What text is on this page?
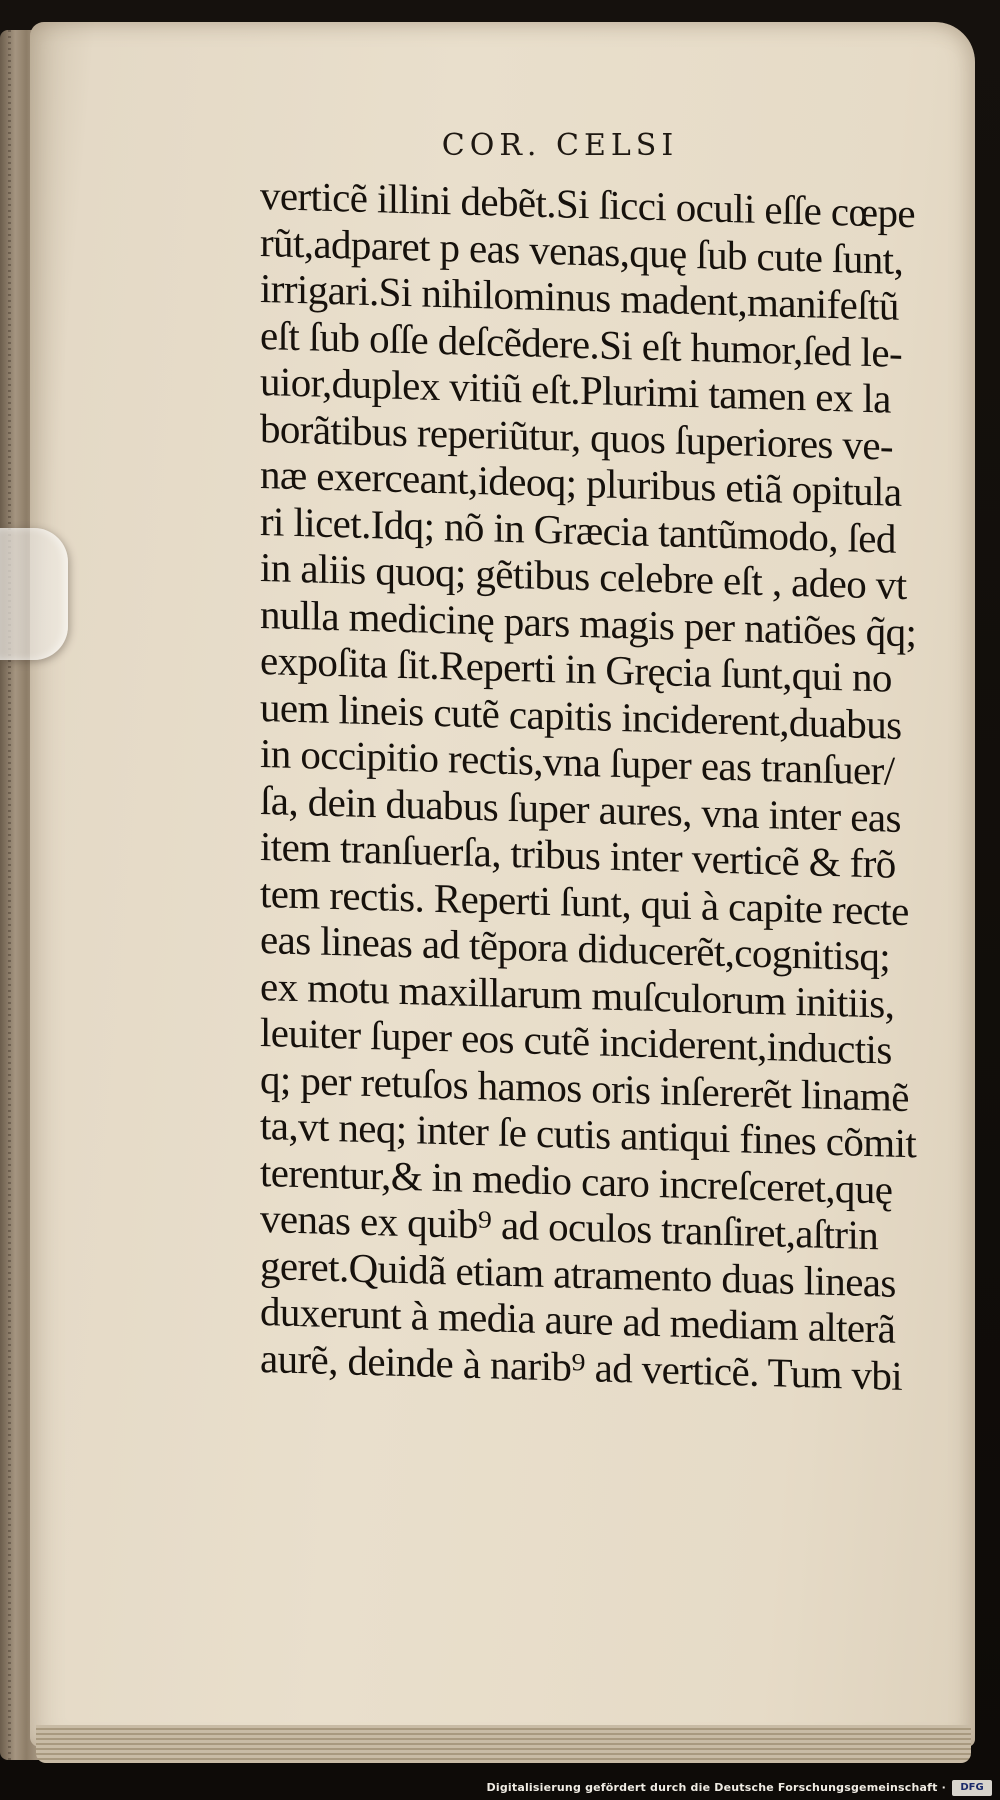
COR. CELSI
verticẽ illini debẽt.Si ſicci oculi eſſe cœpe
rũt,adparet p eas venas,quę ſub cute ſunt,
irrigari.Si nihilominus madent,manifeſtũ
eſt ſub oſſe deſcẽdere.Si eſt humor,ſed le-
uior,duplex vitiũ eſt.Plurimi tamen ex la
borãtibus reperiũtur, quos ſuperiores ve-
næ exerceant,ideoq; pluribus etiã opitula
ri licet.Idq; nõ in Græcia tantũmodo, ſed
in aliis quoq; gẽtibus celebre eſt , adeo vt
nulla medicinę pars magis per natiões q̃q;
expoſita ſit.Reperti in Gręcia ſunt,qui no
uem lineis cutẽ capitis inciderent,duabus
in occipitio rectis,vna ſuper eas tranſuer/
ſa, dein duabus ſuper aures, vna inter eas
item tranſuerſa, tribus inter verticẽ & frõ
tem rectis. Reperti ſunt, qui à capite recte
eas lineas ad tẽpora diducerẽt,cognitisq;
ex motu maxillarum muſculorum initiis,
leuiter ſuper eos cutẽ inciderent,inductis
q; per retuſos hamos oris inſererẽt linamẽ
ta,vt neq; inter ſe cutis antiqui fines cõmit
terentur,& in medio caro increſceret,quę
venas ex quib⁹ ad oculos tranſiret,aſtrin
geret.Quidã etiam atramento duas lineas
duxerunt à media aure ad mediam alterã
aurẽ, deinde à narib⁹ ad verticẽ. Tum vbi
Digitalisierung gefördert durch die Deutsche Forschungsgemeinschaft ·	DFG
